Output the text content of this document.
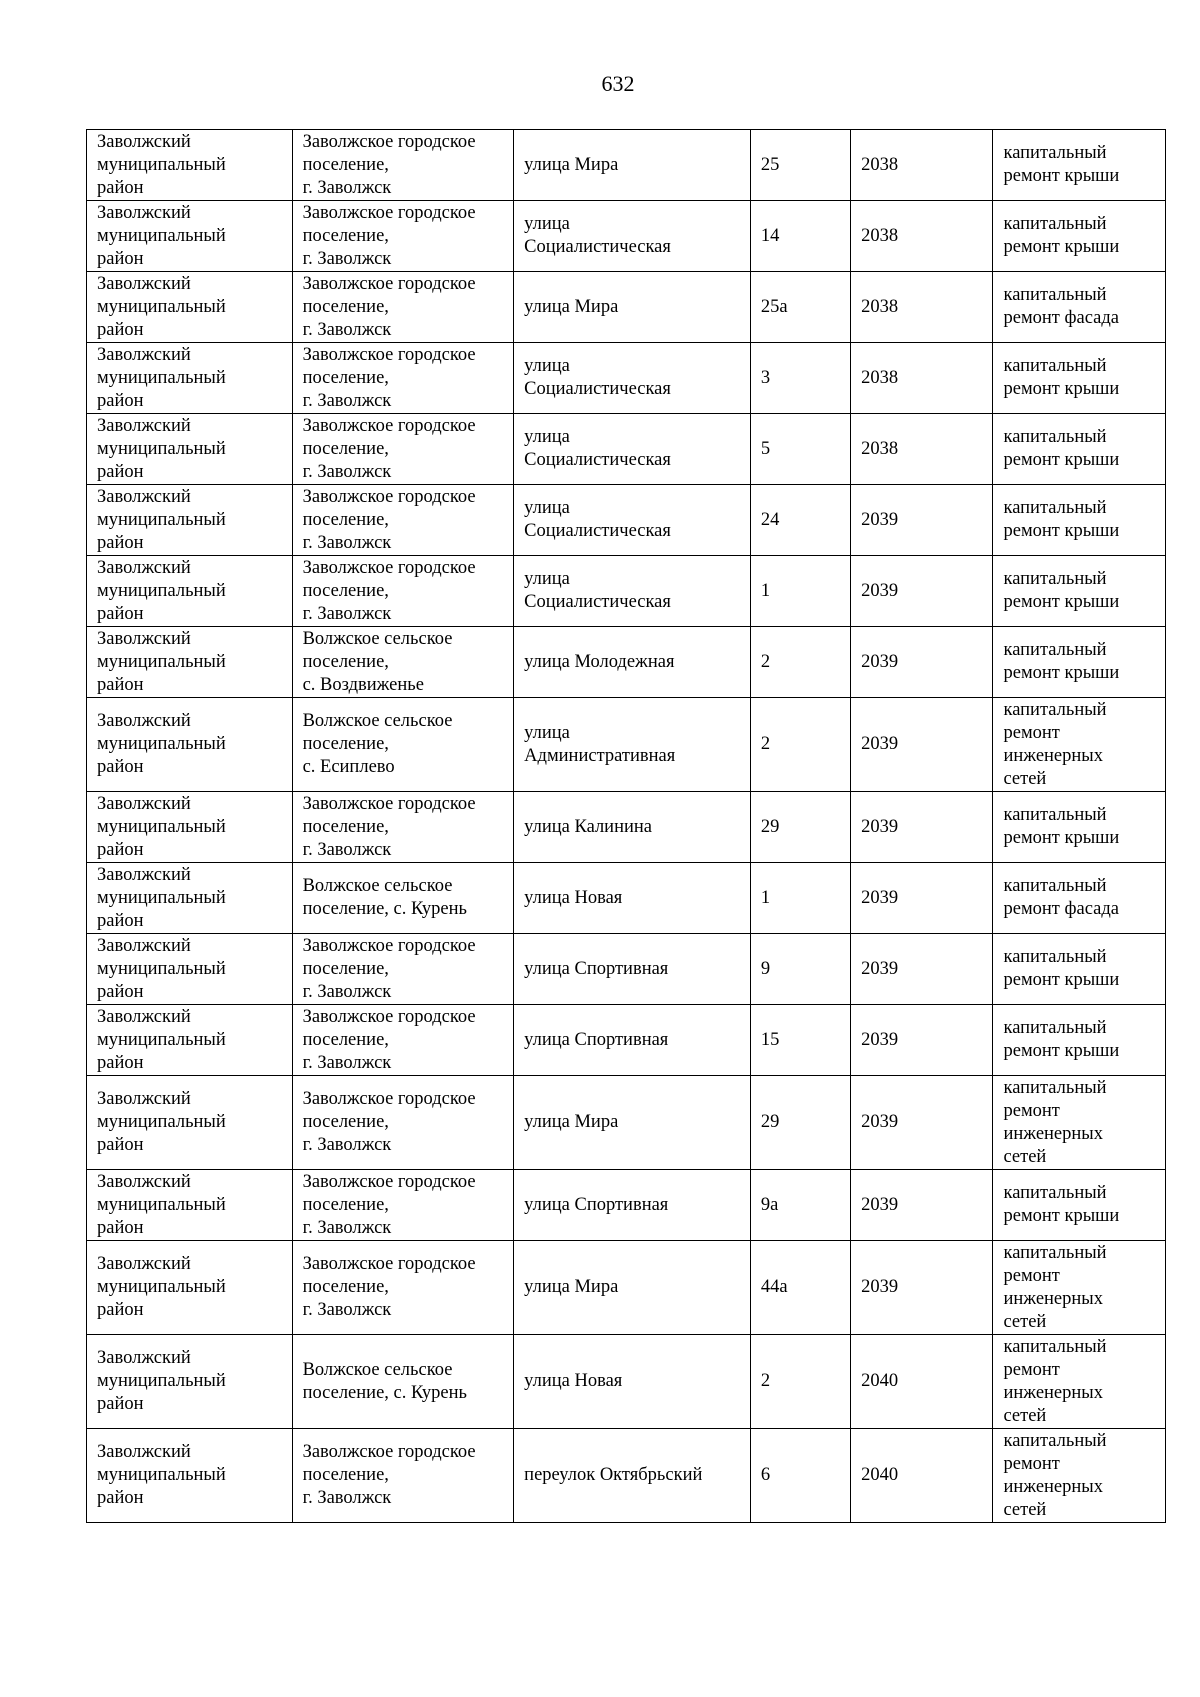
632
Заволжский
муниципальный
район	Заволжское городское
поселение,
г. Заволжск	улица Мира	25	2038	капитальный
ремонт крыши
Заволжский
муниципальный
район	Заволжское городское
поселение,
г. Заволжск	улица
Социалистическая	14	2038	капитальный
ремонт крыши
Заволжский
муниципальный
район	Заволжское городское
поселение,
г. Заволжск	улица Мира	25а	2038	капитальный
ремонт фасада
Заволжский
муниципальный
район	Заволжское городское
поселение,
г. Заволжск	улица
Социалистическая	3	2038	капитальный
ремонт крыши
Заволжский
муниципальный
район	Заволжское городское
поселение,
г. Заволжск	улица
Социалистическая	5	2038	капитальный
ремонт крыши
Заволжский
муниципальный
район	Заволжское городское
поселение,
г. Заволжск	улица
Социалистическая	24	2039	капитальный
ремонт крыши
Заволжский
муниципальный
район	Заволжское городское
поселение,
г. Заволжск	улица
Социалистическая	1	2039	капитальный
ремонт крыши
Заволжский
муниципальный
район	Волжское сельское
поселение,
с. Воздвиженье	улица Молодежная	2	2039	капитальный
ремонт крыши
Заволжский
муниципальный
район	Волжское сельское
поселение,
с. Есиплево	улица
Административная	2	2039	капитальный
ремонт
инженерных
сетей
Заволжский
муниципальный
район	Заволжское городское
поселение,
г. Заволжск	улица Калинина	29	2039	капитальный
ремонт крыши
Заволжский
муниципальный
район	Волжское сельское
поселение, с. Курень	улица Новая	1	2039	капитальный
ремонт фасада
Заволжский
муниципальный
район	Заволжское городское
поселение,
г. Заволжск	улица Спортивная	9	2039	капитальный
ремонт крыши
Заволжский
муниципальный
район	Заволжское городское
поселение,
г. Заволжск	улица Спортивная	15	2039	капитальный
ремонт крыши
Заволжский
муниципальный
район	Заволжское городское
поселение,
г. Заволжск	улица Мира	29	2039	капитальный
ремонт
инженерных
сетей
Заволжский
муниципальный
район	Заволжское городское
поселение,
г. Заволжск	улица Спортивная	9а	2039	капитальный
ремонт крыши
Заволжский
муниципальный
район	Заволжское городское
поселение,
г. Заволжск	улица Мира	44а	2039	капитальный
ремонт
инженерных
сетей
Заволжский
муниципальный
район	Волжское сельское
поселение, с. Курень	улица Новая	2	2040	капитальный
ремонт
инженерных
сетей
Заволжский
муниципальный
район	Заволжское городское
поселение,
г. Заволжск	переулок Октябрьский	6	2040	капитальный
ремонт
инженерных
сетей
